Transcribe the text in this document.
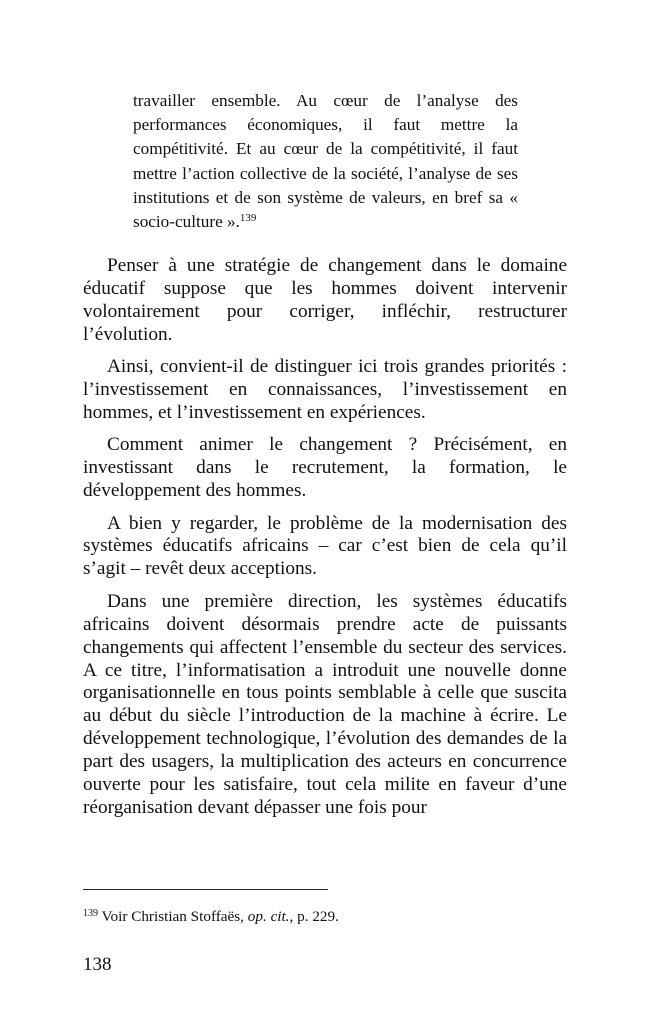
travailler ensemble. Au cœur de l’analyse des performances économiques, il faut mettre la compétitivité. Et au cœur de la compétitivité, il faut mettre l’action collective de la société, l’analyse de ses institutions et de son système de valeurs, en bref sa « socio-culture ».$^{139}$

Penser à une stratégie de changement dans le domaine éducatif suppose que les hommes doivent intervenir volontairement pour corriger, infléchir, restructurer l’évolution.

Ainsi, convient-il de distinguer ici trois grandes priorités : l’investissement en connaissances, l’investissement en hommes, et l’investissement en expériences.

Comment animer le changement ? Précisément, en investissant dans le recrutement, la formation, le développement des hommes.

A bien y regarder, le problème de la modernisation des systèmes éducatifs africains – car c’est bien de cela qu’il s’agit – revêt deux acceptions.

Dans une première direction, les systèmes éducatifs africains doivent désormais prendre acte de puissants changements qui affectent l’ensemble du secteur des services. A ce titre, l’informatisation a introduit une nouvelle donne organisationnelle en tous points semblable à celle que suscita au début du siècle l’introduction de la machine à écrire. Le développement technologique, l’évolution des demandes de la part des usagers, la multiplication des acteurs en concurrence ouverte pour les satisfaire, tout cela milite en faveur d’une réorganisation devant dépasser une fois pour

$^{139}$ Voir Christian Stoffaës, op. cit., p. 229.
138
